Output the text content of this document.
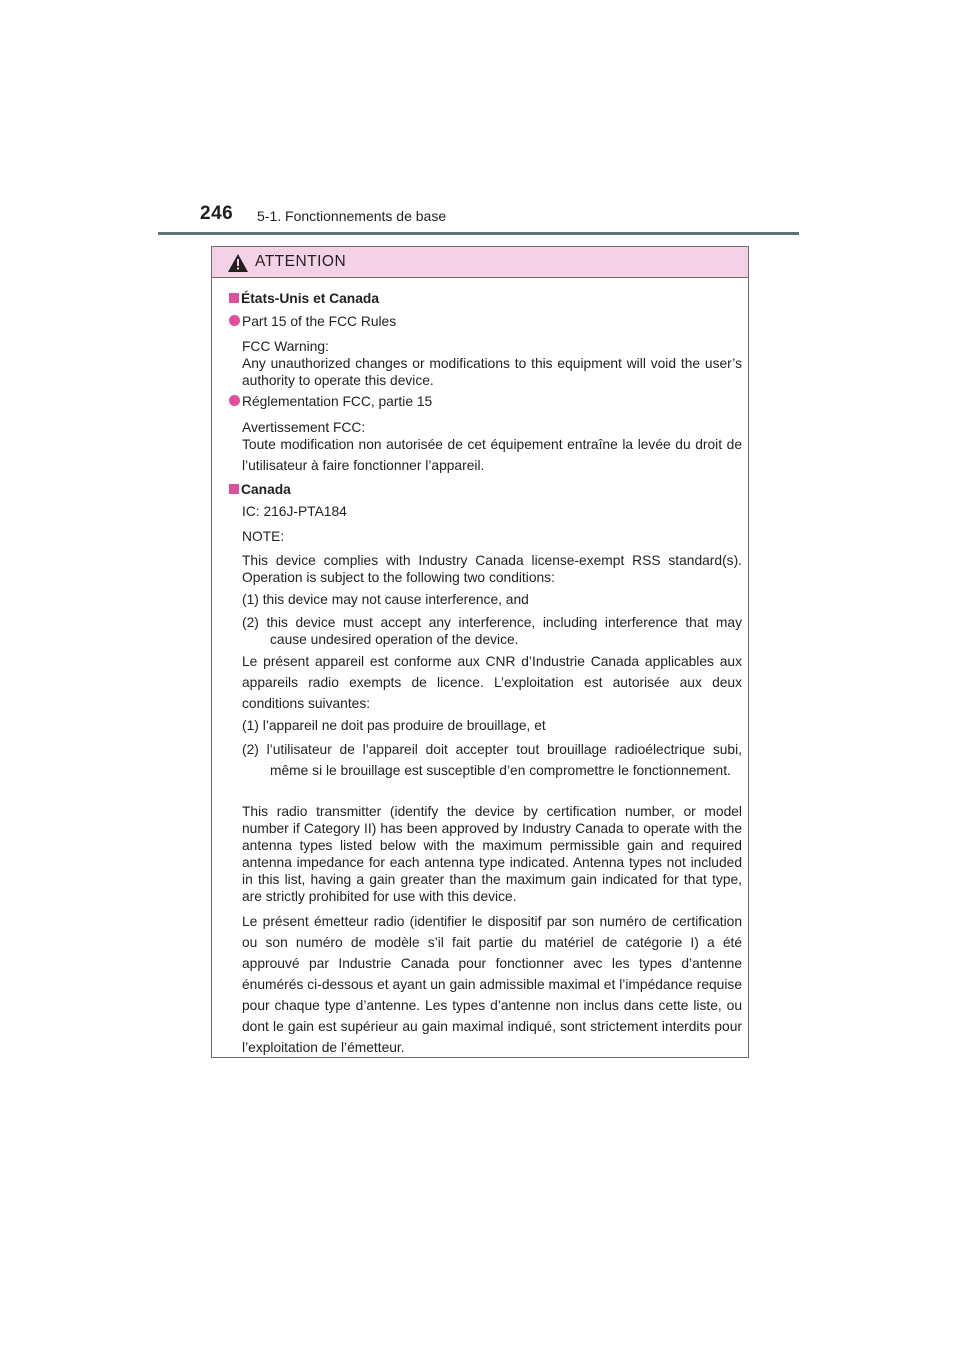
246 5-1. Fonctionnements de base
ATTENTION
États-Unis et Canada
Part 15 of the FCC Rules
FCC Warning:
Any unauthorized changes or modifications to this equipment will void the user’s authority to operate this device.
Réglementation FCC, partie 15
Avertissement FCC:
Toute modification non autorisée de cet équipement entraîne la levée du droit de l’utilisateur à faire fonctionner l’appareil.
Canada
IC: 216J-PTA184
NOTE:
This device complies with Industry Canada license-exempt RSS standard(s). Operation is subject to the following two conditions:
(1) this device may not cause interference, and
(2) this device must accept any interference, including interference that may cause undesired operation of the device.
Le présent appareil est conforme aux CNR d’Industrie Canada applicables aux appareils radio exempts de licence. L’exploitation est autorisée aux deux conditions suivantes:
(1) l’appareil ne doit pas produire de brouillage, et
(2) l’utilisateur de l’appareil doit accepter tout brouillage radioélectrique subi, même si le brouillage est susceptible d’en compromettre le fonctionnement.
This radio transmitter (identify the device by certification number, or model number if Category II) has been approved by Industry Canada to operate with the antenna types listed below with the maximum permissible gain and required antenna impedance for each antenna type indicated. Antenna types not included in this list, having a gain greater than the maximum gain indicated for that type, are strictly prohibited for use with this device.
Le présent émetteur radio (identifier le dispositif par son numéro de certification ou son numéro de modèle s’il fait partie du matériel de catégorie I) a été approuvé par Industrie Canada pour fonctionner avec les types d’antenne énumérés ci-dessous et ayant un gain admissible maximal et l’impédance requise pour chaque type d’antenne. Les types d’antenne non inclus dans cette liste, ou dont le gain est supérieur au gain maximal indiqué, sont strictement interdits pour l’exploitation de l’émetteur.
